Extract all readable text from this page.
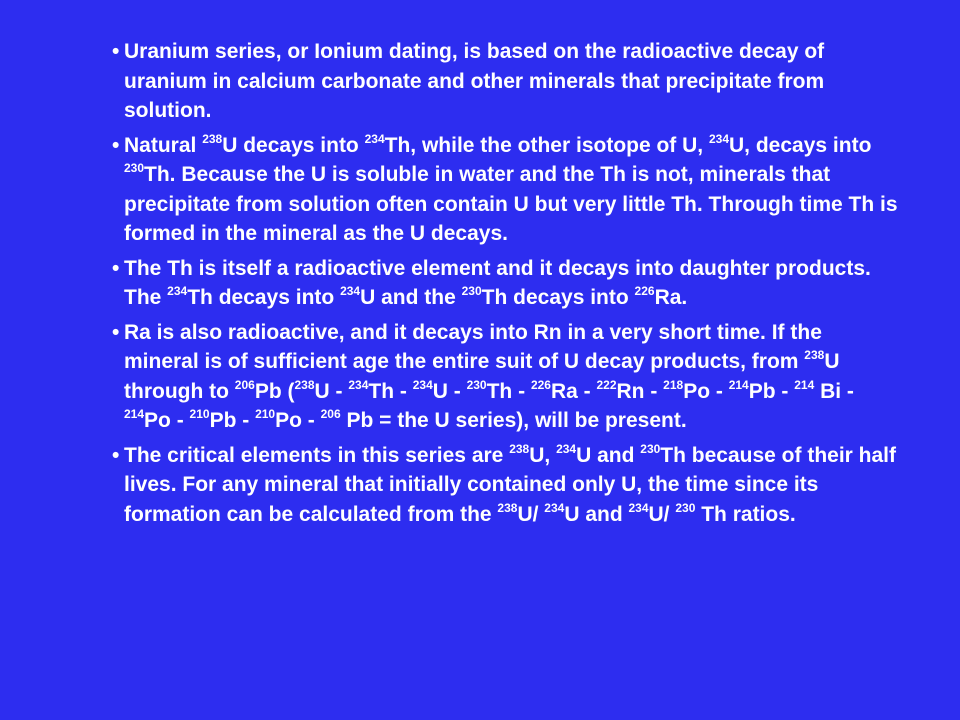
• Uranium series, or Ionium dating, is based on the radioactive decay of uranium in calcium carbonate and other minerals that precipitate from solution.
• Natural $^{238}$U decays into $^{234}$Th, while the other isotope of U, $^{234}$U, decays into $^{230}$Th. Because the U is soluble in water and the Th is not, minerals that precipitate from solution often contain U but very little Th. Through time Th is formed in the mineral as the U decays.
• The Th is itself a radioactive element and it decays into daughter products. The $^{234}$Th decays into $^{234}$U and the $^{230}$Th decays into $^{226}$Ra.
• Ra is also radioactive, and it decays into Rn in a very short time. If the mineral is of sufficient age the entire suit of U decay products, from $^{238}$U through to $^{206}$Pb ($^{238}$U - $^{234}$Th - $^{234}$U - $^{230}$Th - $^{226}$Ra - $^{222}$Rn - $^{218}$Po - $^{214}$Pb - $^{214}$ Bi - $^{214}$Po - $^{210}$Pb - $^{210}$Po - $^{206}$ Pb = the U series), will be present.
• The critical elements in this series are $^{238}$U, $^{234}$U and $^{230}$Th because of their half lives. For any mineral that initially contained only U, the time since its formation can be calculated from the $^{238}$U/ $^{234}$U and $^{234}$U/ $^{230}$ Th ratios.
